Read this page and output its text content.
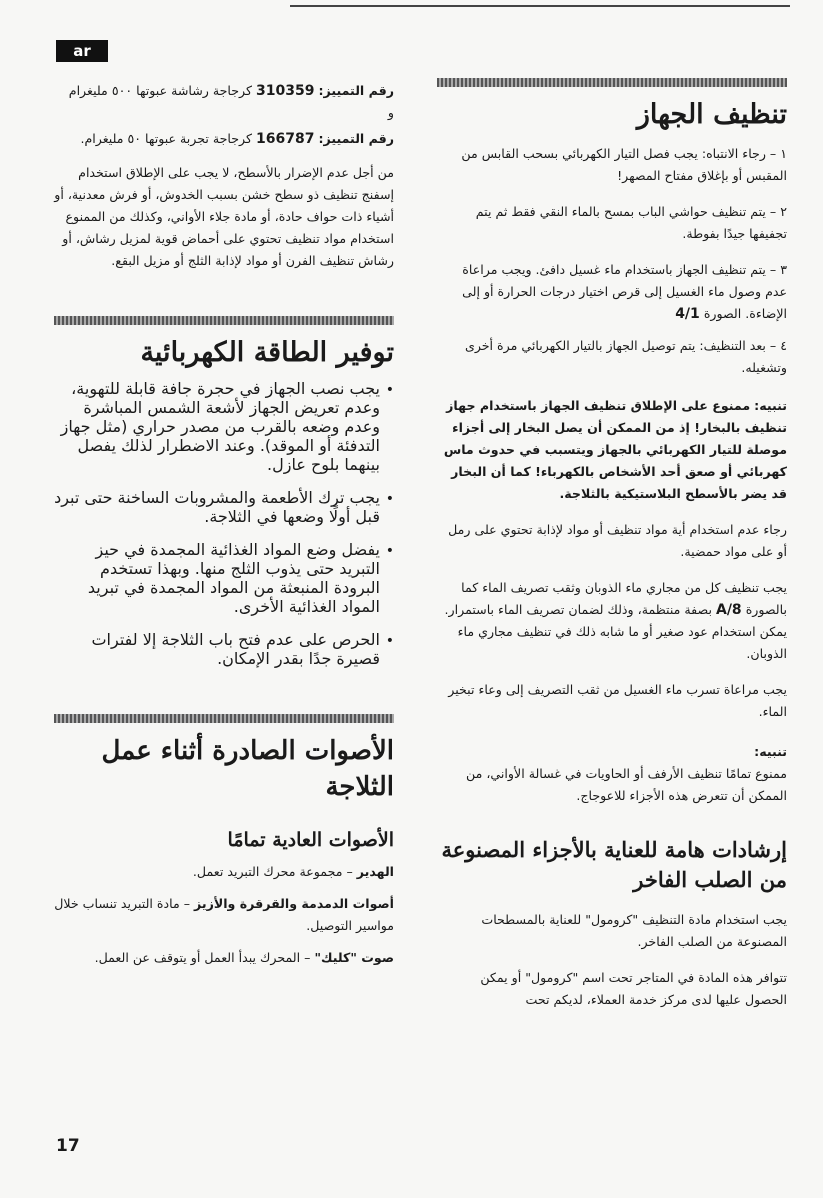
ar

رقم التمييز: 310359 كرجاجة رشاشة عبوتها ٥٠٠ مليغرام

و

رقم التمييز: 166787 كرجاجة تجربة عبوتها ٥٠ مليغرام.

من أجل عدم الإضرار بالأسطح، لا يجب على الإطلاق استخدام إسفنج تنظيف ذو سطح خشن بسبب الخدوش، أو فرش معدنية، أو أشياء ذات حواف حادة، أو مادة جلاء الأواني، وكذلك من الممنوع استخدام مواد تنظيف تحتوي على أحماض قوية لمزيل رشاش، أو رشاش تنظيف الفرن أو مواد لإذابة الثلج أو مزيل البقع.

توفير الطاقة الكهربائية
• يجب نصب الجهاز في حجرة جافة قابلة للتهوية، وعدم تعريض الجهاز لأشعة الشمس المباشرة وعدم وضعه بالقرب من مصدر حراري (مثل جهاز التدفئة أو الموقد). وعند الاضطرار لذلك يفصل بينهما بلوح عازل.
• يجب ترك الأطعمة والمشروبات الساخنة حتى تبرد قبل أولًا وضعها في الثلاجة.
• يفضل وضع المواد الغذائية المجمدة في حيز التبريد حتى يذوب الثلج منها. وبهذا تستخدم البرودة المنبعثة من المواد المجمدة في تبريد المواد الغذائية الأخرى.
• الحرص على عدم فتح باب الثلاجة إلا لفترات قصيرة جدًا بقدر الإمكان.
الأصوات الصادرة أثناء عمل الثلاجة
الأصوات العادية تمامًا

الهدير – مجموعة محرك التبريد تعمل.

أصوات الدمدمة والقرقرة والأزيز – مادة التبريد تنساب خلال مواسير التوصيل.

صوت "كليك" – المحرك يبدأ العمل أو يتوقف عن العمل.

تنظيف الجهاز

١ – رجاء الانتباه: يجب فصل التيار الكهربائي بسحب القابس من المقبس أو بإغلاق مفتاح المصهر!

٢ – يتم تنظيف حواشي الباب بمسح بالماء النقي فقط ثم يتم تجفيفها جيدًا بفوطة.

٣ – يتم تنظيف الجهاز باستخدام ماء غسيل دافئ. ويجب مراعاة عدم وصول ماء الغسيل إلى قرص اختيار درجات الحرارة أو إلى الإضاءة. الصورة 4/1

٤ – بعد التنظيف: يتم توصيل الجهاز بالتيار الكهربائي مرة أخرى وتشغيله.

تنبيه: ممنوع على الإطلاق تنظيف الجهاز باستخدام جهاز تنظيف بالبخار! إذ من الممكن أن يصل البخار إلى أجزاء موصلة للتيار الكهربائي بالجهاز ويتسبب في حدوث ماس كهربائي أو صعق أحد الأشخاص بالكهرباء! كما أن البخار قد يضر بالأسطح البلاستيكية بالثلاجة.

رجاء عدم استخدام أية مواد تنظيف أو مواد لإذابة تحتوي على رمل أو على مواد حمضية.

يجب تنظيف كل من مجاري ماء الذوبان وثقب تصريف الماء كما بالصورة A/8 بصفة منتظمة، وذلك لضمان تصريف الماء باستمرار. يمكن استخدام عود صغير أو ما شابه ذلك في تنظيف مجاري ماء الذوبان.

يجب مراعاة تسرب ماء الغسيل من ثقب التصريف إلى وعاء تبخير الماء.

تنبيه:

ممنوع تمامًا تنظيف الأرفف أو الحاويات في غسالة الأواني، من الممكن أن تتعرض هذه الأجزاء للاعوجاج.

إرشادات هامة للعناية بالأجزاء المصنوعة من الصلب الفاخر

يجب استخدام مادة التنظيف "كرومول" للعناية بالمسطحات المصنوعة من الصلب الفاخر.

تتوافر هذه المادة في المتاجر تحت اسم "كرومول" أو يمكن الحصول عليها لدى مركز خدمة العملاء، لديكم تحت

17
